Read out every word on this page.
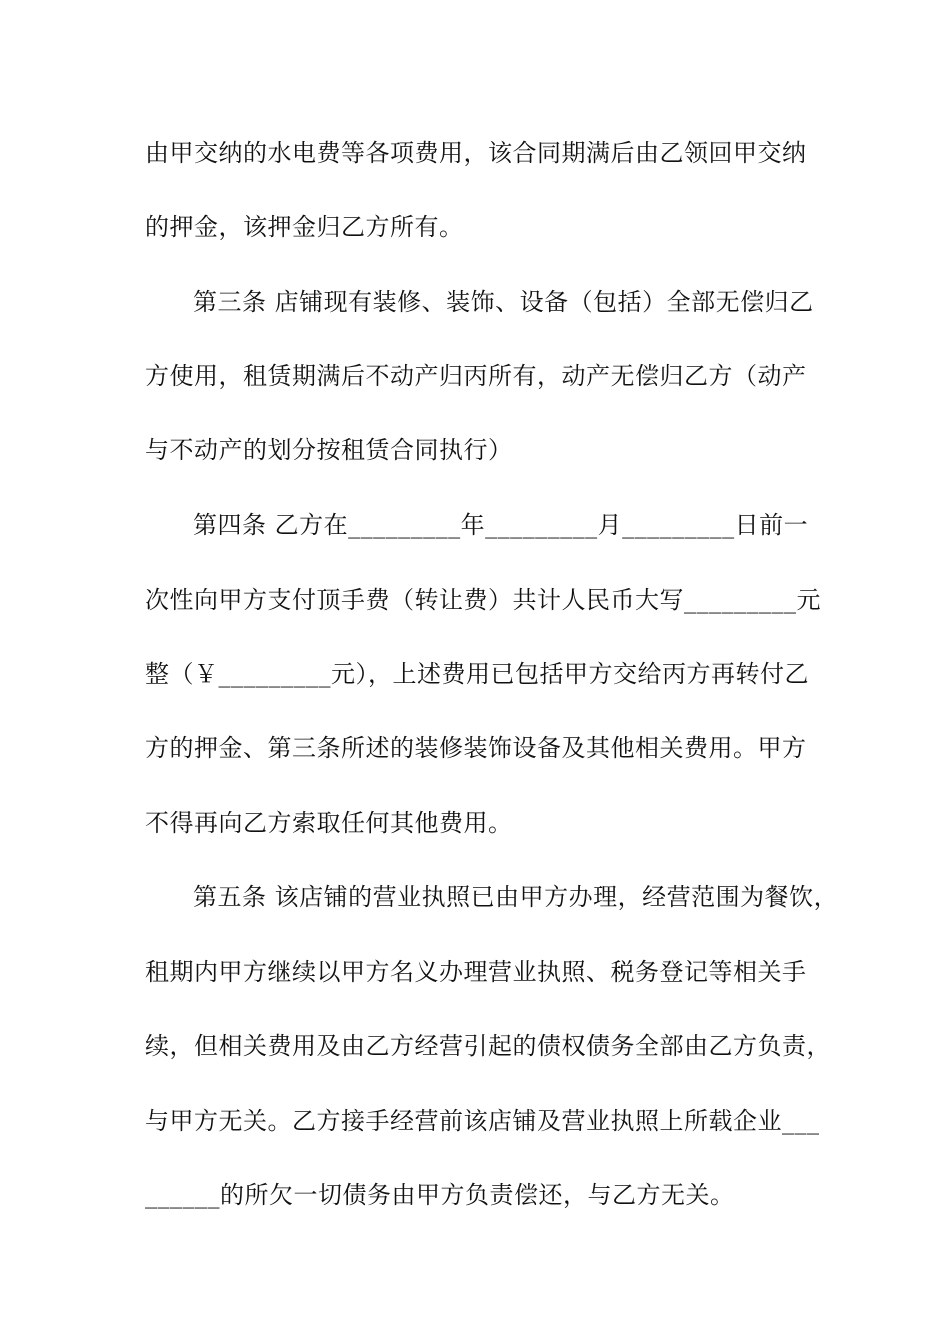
由甲交纳的水电费等各项费用，该合同期满后由乙领回甲交纳
的押金，该押金归乙方所有。
第三条 店铺现有装修、装饰、设备（包括）全部无偿归乙
方使用，租赁期满后不动产归丙所有，动产无偿归乙方（动产
与不动产的划分按租赁合同执行）
第四条 乙方在_________年_________月_________日前一
次性向甲方支付顶手费（转让费）共计人民币大写_________元
整（￥_________元），上述费用已包括甲方交给丙方再转付乙
方的押金、第三条所述的装修装饰设备及其他相关费用。甲方
不得再向乙方索取任何其他费用。
第五条 该店铺的营业执照已由甲方办理，经营范围为餐饮，
租期内甲方继续以甲方名义办理营业执照、税务登记等相关手
续，但相关费用及由乙方经营引起的债权债务全部由乙方负责，
与甲方无关。乙方接手经营前该店铺及营业执照上所载企业___
______的所欠一切债务由甲方负责偿还，与乙方无关。
